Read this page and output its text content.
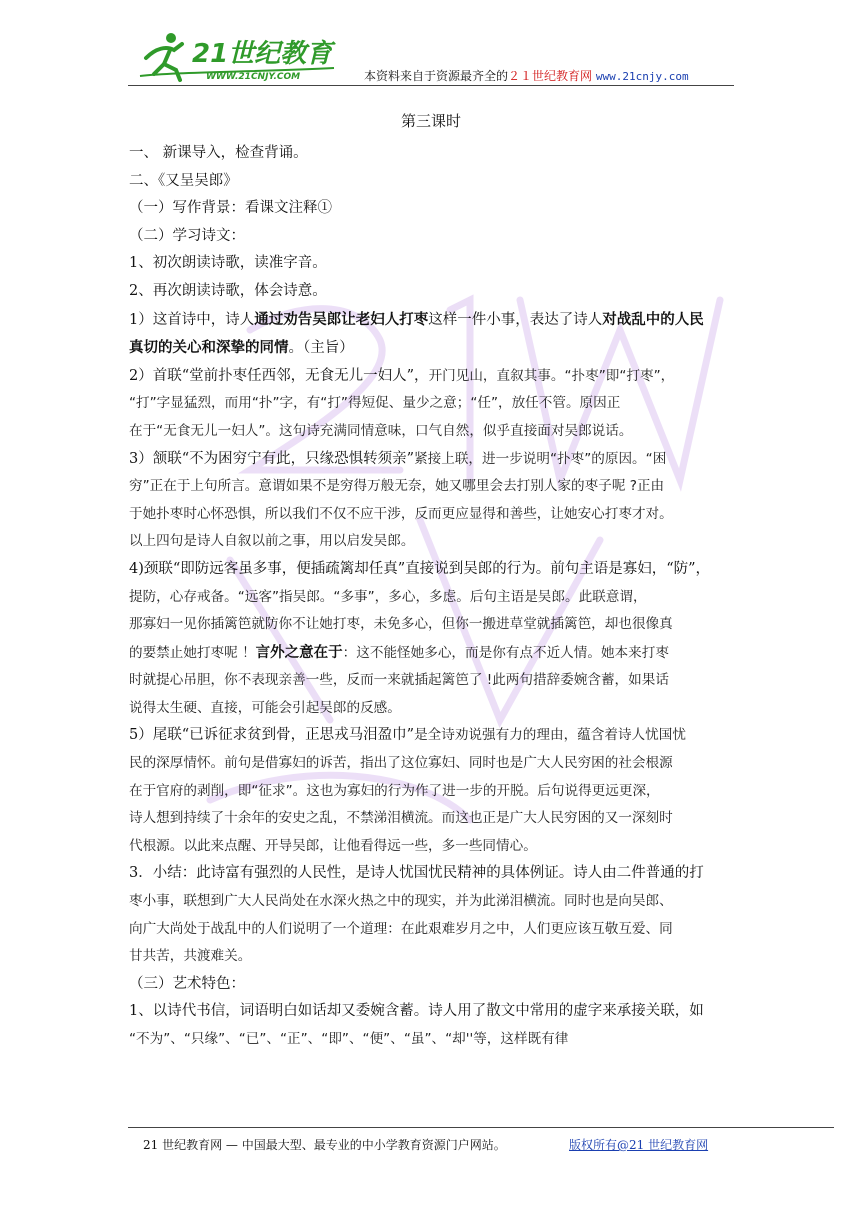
21世纪教育
WWW.21CNJY.COM	本资料来自于资源最齐全的２１世纪教育网 www.21cnjy.com

第三课时

一、 新课导入，检查背诵。

二、《又呈吴郎》

（一）写作背景：看课文注释①

（二）学习诗文：

1、初次朗读诗歌，读准字音。

2、再次朗读诗歌，体会诗意。

1）这首诗中，诗人通过劝告吴郎让老妇人打枣这样一件小事，表达了诗人对战乱中的人民
真切的关心和深挚的同情。（主旨）

2）首联“堂前扑枣任西邻，无食无儿一妇人”，开门见山，直叙其事。“扑枣”即“打枣”，
“打”字显猛烈，而用“扑”字，有“打”得短促、量少之意；“任”，放任不管。原因正
在于“无食无儿一妇人”。这句诗充满同情意味，口气自然，似乎直接面对吴郎说话。

3）颔联“不为困穷宁有此，只缘恐惧转须亲”紧接上联，进一步说明“扑枣”的原因。“困
穷”正在于上句所言。意谓如果不是穷得万般无奈，她又哪里会去打别人家的枣子呢 ?正由
于她扑枣时心怀恐惧，所以我们不仅不应干涉，反而更应显得和善些，让她安心打枣才对。
以上四句是诗人自叙以前之事，用以启发吴郎。

4)颈联“即防远客虽多事，便插疏篱却任真”直接说到吴郎的行为。前句主语是寡妇，“防”，
提防，心存戒备。“远客”指吴郎。“多事”，多心，多虑。后句主语是吴郎。此联意谓，
那寡妇一见你插篱笆就防你不让她打枣，未免多心，但你一搬进草堂就插篱笆，却也很像真
的要禁止她打枣呢 ！言外之意在于：这不能怪她多心，而是你有点不近人情。她本来打枣
时就提心吊胆，你不表现亲善一些，反而一来就插起篱笆了 !此两句措辞委婉含蓄，如果话
说得太生硬、直接，可能会引起吴郎的反感。

5）尾联“已诉征求贫到骨，正思戎马泪盈巾”是全诗劝说强有力的理由，蕴含着诗人忧国忧
民的深厚情怀。前句是借寡妇的诉苦，指出了这位寡妇、同时也是广大人民穷困的社会根源
在于官府的剥削，即“征求”。这也为寡妇的行为作了进一步的开脱。后句说得更远更深，
诗人想到持续了十余年的安史之乱，不禁涕泪横流。而这也正是广大人民穷困的又一深刻时
代根源。以此来点醒、开导吴郎，让他看得远一些，多一些同情心。

3．小结：此诗富有强烈的人民性，是诗人忧国忧民精神的具体例证。诗人由二件普通的打
枣小事，联想到广大人民尚处在水深火热之中的现实，并为此涕泪横流。同时也是向吴郎、
向广大尚处于战乱中的人们说明了一个道理：在此艰难岁月之中，人们更应该互敬互爱、同
甘共苦，共渡难关。

（三）艺术特色：

1、以诗代书信，词语明白如话却又委婉含蓄。诗人用了散文中常用的虚字来承接关联，如
“不为”、“只缘”、“已”、“正”、“即”、“便”、“虽”、“却''等，这样既有律

21 世纪教育网 — 中国最大型、最专业的中小学教育资源门户网站。	版权所有@21 世纪教育网
